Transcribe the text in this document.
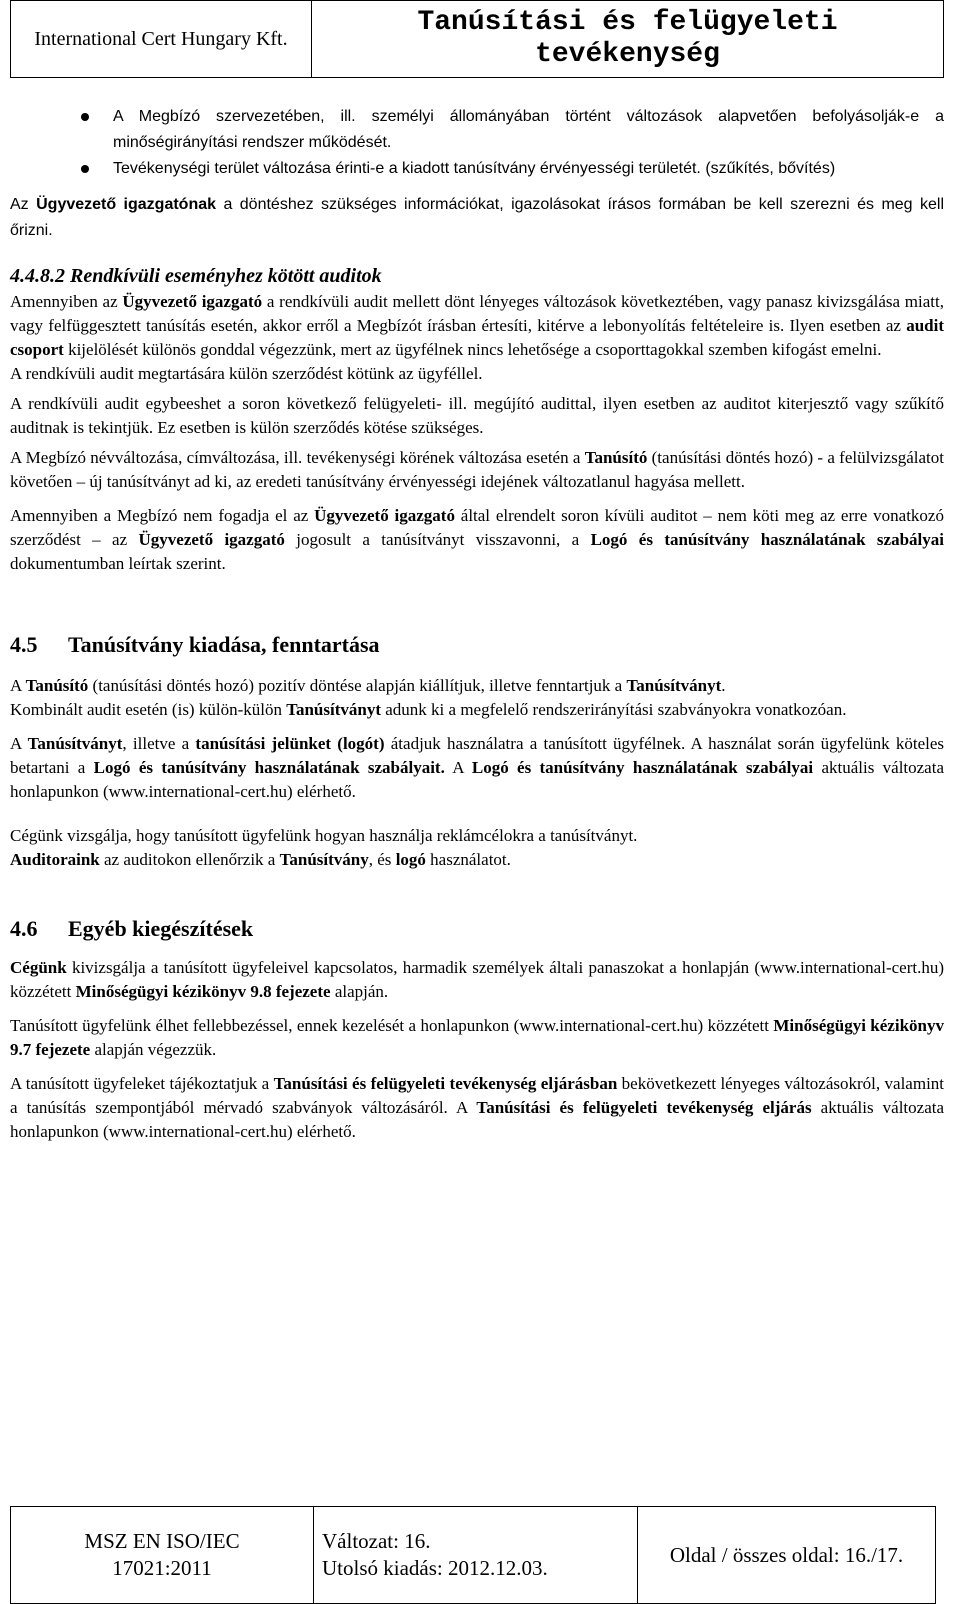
International Cert Hungary Kft.	Tanúsítási és felügyeleti tevékenység
A Megbízó szervezetében, ill. személyi állományában történt változások alapvetően befolyásolják-e a minőségirányítási rendszer működését.
Tevékenységi terület változása érinti-e a kiadott tanúsítvány érvényességi területét. (szűkítés, bővítés)

Az Ügyvezető igazgatónak a döntéshez szükséges információkat, igazolásokat írásos formában be kell szerezni és meg kell őrizni.

4.4.8.2 Rendkívüli eseményhez kötött auditok

Amennyiben az Ügyvezető igazgató a rendkívüli audit mellett dönt lényeges változások következtében, vagy panasz kivizsgálása miatt, vagy felfüggesztett tanúsítás esetén, akkor erről a Megbízót írásban értesíti, kitérve a lebonyolítás feltételeire is. Ilyen esetben az audit csoport kijelölését különös gonddal végezzünk, mert az ügyfélnek nincs lehetősége a csoporttagokkal szemben kifogást emelni.

A rendkívüli audit megtartására külön szerződést kötünk az ügyféllel.

A rendkívüli audit egybeeshet a soron következő felügyeleti- ill. megújító audittal, ilyen esetben az auditot kiterjesztő vagy szűkítő auditnak is tekintjük. Ez esetben is külön szerződés kötése szükséges.

A Megbízó névváltozása, címváltozása, ill. tevékenységi körének változása esetén a Tanúsító (tanúsítási döntés hozó) - a felülvizsgálatot követően – új tanúsítványt ad ki, az eredeti tanúsítvány érvényességi idejének változatlanul hagyása mellett.

Amennyiben a Megbízó nem fogadja el az Ügyvezető igazgató által elrendelt soron kívüli auditot – nem köti meg az erre vonatkozó szerződést – az Ügyvezető igazgató jogosult a tanúsítványt visszavonni, a Logó és tanúsítvány használatának szabályai dokumentumban leírtak szerint.

4.5 Tanúsítvány kiadása, fenntartása

A Tanúsító (tanúsítási döntés hozó) pozitív döntése alapján kiállítjuk, illetve fenntartjuk a Tanúsítványt.

Kombinált audit esetén (is) külön-külön Tanúsítványt adunk ki a megfelelő rendszerirányítási szabványokra vonatkozóan.

A Tanúsítványt, illetve a tanúsítási jelünket (logót) átadjuk használatra a tanúsított ügyfélnek. A használat során ügyfelünk köteles betartani a Logó és tanúsítvány használatának szabályait. A Logó és tanúsítvány használatának szabályai aktuális változata honlapunkon (www.international-cert.hu) elérhető.

Cégünk vizsgálja, hogy tanúsított ügyfelünk hogyan használja reklámcélokra a tanúsítványt.

Auditoraink az auditokon ellenőrzik a Tanúsítvány, és logó használatot.

4.6 Egyéb kiegészítések

Cégünk kivizsgálja a tanúsított ügyfeleivel kapcsolatos, harmadik személyek általi panaszokat a honlapján (www.international-cert.hu) közzétett Minőségügyi kézikönyv 9.8 fejezete alapján.

Tanúsított ügyfelünk élhet fellebbezéssel, ennek kezelését a honlapunkon (www.international-cert.hu) közzétett Minőségügyi kézikönyv 9.7 fejezete alapján végezzük.

A tanúsított ügyfeleket tájékoztatjuk a Tanúsítási és felügyeleti tevékenység eljárásban bekövetkezett lényeges változásokról, valamint a tanúsítás szempontjából mérvadó szabványok változásáról. A Tanúsítási és felügyeleti tevékenység eljárás aktuális változata honlapunkon (www.international-cert.hu) elérhető.

MSZ EN ISO/IEC
17021:2011

Változat: 16.
Utolsó kiadás: 2012.12.03.
	Oldal / összes oldal: 16./17.
